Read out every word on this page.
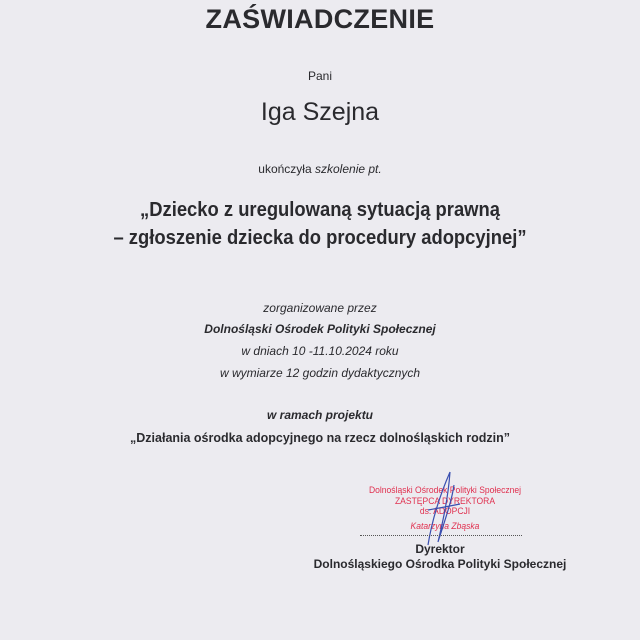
ZAŚWIADCZENIE
Pani
Iga Szejna
ukończyła szkolenie pt.
„Dziecko z uregulowaną sytuacją prawną
– zgłoszenie dziecka do procedury adopcyjnej”
zorganizowane przez
Dolnośląski Ośrodek Polityki Społecznej
w dniach 10 -11.10.2024 roku
w wymiarze 12 godzin dydaktycznych
w ramach projektu
„Działania ośrodka adopcyjnego na rzecz dolnośląskich rodzin”
Dolnośląski Ośrodek Polityki Społecznej
ZASTĘPCA DYREKTORA
ds. ADOPCJI
Katarzyna Zbąska
Dyrektor
Dolnośląskiego Ośrodka Polityki Społecznej
